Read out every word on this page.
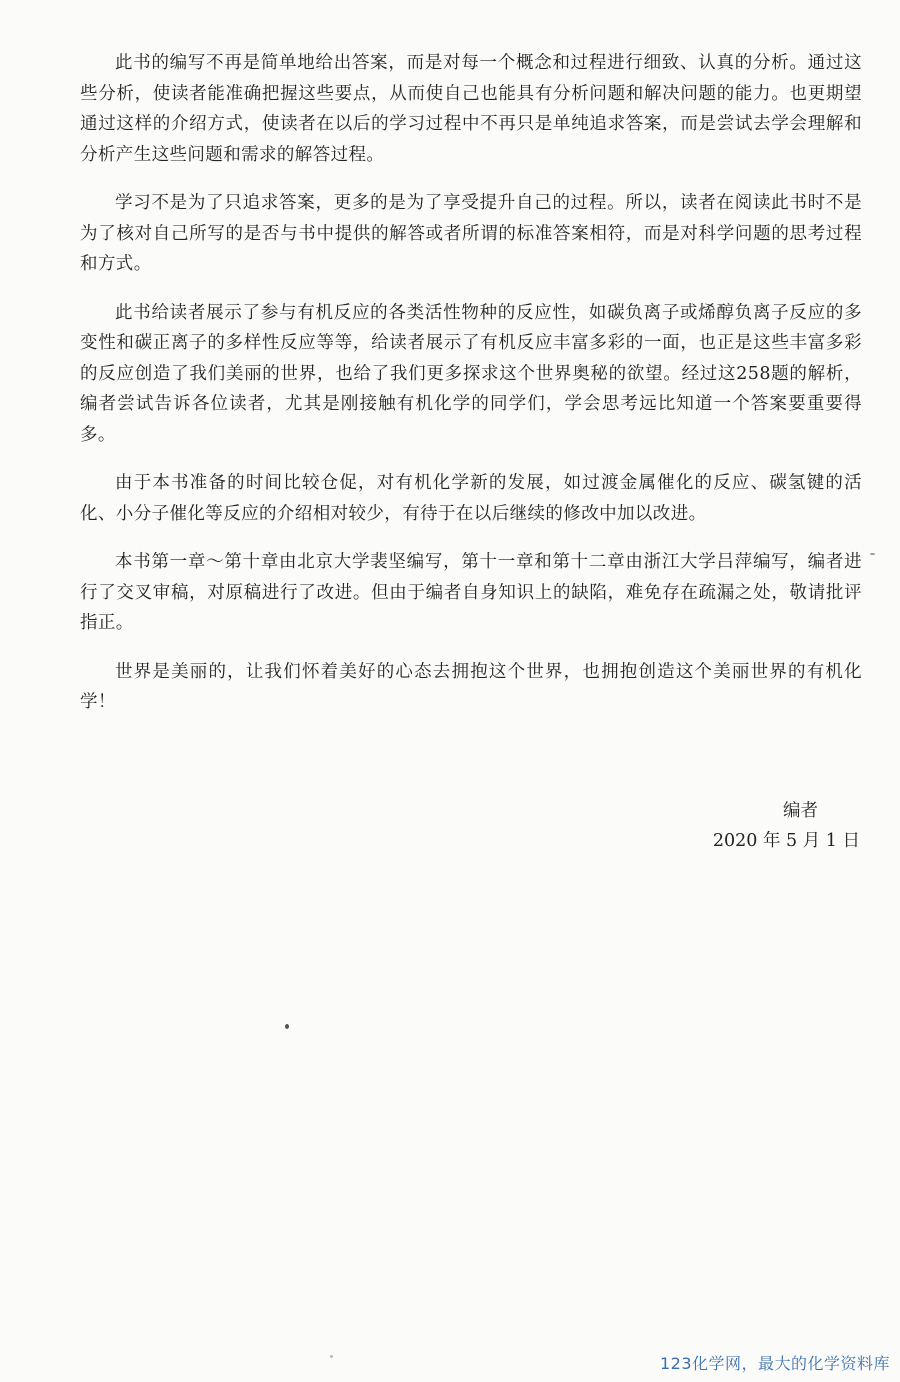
此书的编写不再是简单地给出答案，而是对每一个概念和过程进行细致、认真的分析。通过这些分析，使读者能准确把握这些要点，从而使自己也能具有分析问题和解决问题的能力。也更期望通过这样的介绍方式，使读者在以后的学习过程中不再只是单纯追求答案，而是尝试去学会理解和分析产生这些问题和需求的解答过程。

学习不是为了只追求答案，更多的是为了享受提升自己的过程。所以，读者在阅读此书时不是为了核对自己所写的是否与书中提供的解答或者所谓的标准答案相符，而是对科学问题的思考过程和方式。

此书给读者展示了参与有机反应的各类活性物种的反应性，如碳负离子或烯醇负离子反应的多变性和碳正离子的多样性反应等等，给读者展示了有机反应丰富多彩的一面，也正是这些丰富多彩的反应创造了我们美丽的世界，也给了我们更多探求这个世界奥秘的欲望。经过这258题的解析，编者尝试告诉各位读者，尤其是刚接触有机化学的同学们，学会思考远比知道一个答案要重要得多。

由于本书准备的时间比较仓促，对有机化学新的发展，如过渡金属催化的反应、碳氢键的活化、小分子催化等反应的介绍相对较少，有待于在以后继续的修改中加以改进。

本书第一章～第十章由北京大学裴坚编写，第十一章和第十二章由浙江大学吕萍编写，编者进行了交叉审稿，对原稿进行了改进。但由于编者自身知识上的缺陷，难免存在疏漏之处，敬请批评指正。

世界是美丽的，让我们怀着美好的心态去拥抱这个世界，也拥抱创造这个美丽世界的有机化学！

编者
2020 年 5 月 1 日
123化学网，最大的化学资料库
